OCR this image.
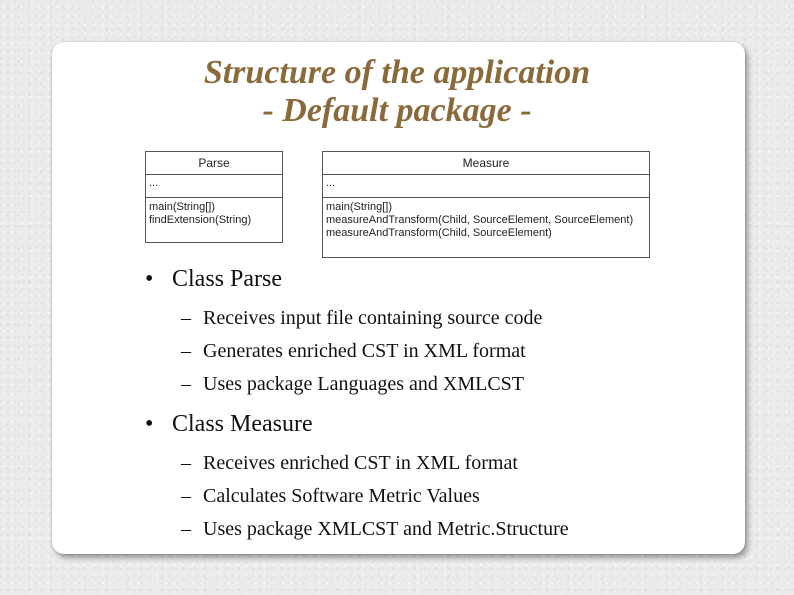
Structure of the application
- Default package -
Parse
...
main(String[])
findExtension(String)
Measure
...
main(String[])
measureAndTransform(Child, SourceElement, SourceElement)
measureAndTransform(Child, SourceElement)
• Class Parse
– Receives input file containing source code
– Generates enriched CST in XML format
– Uses package Languages and XMLCST
• Class Measure
– Receives enriched CST in XML format
– Calculates Software Metric Values
– Uses package XMLCST and Metric.Structure
